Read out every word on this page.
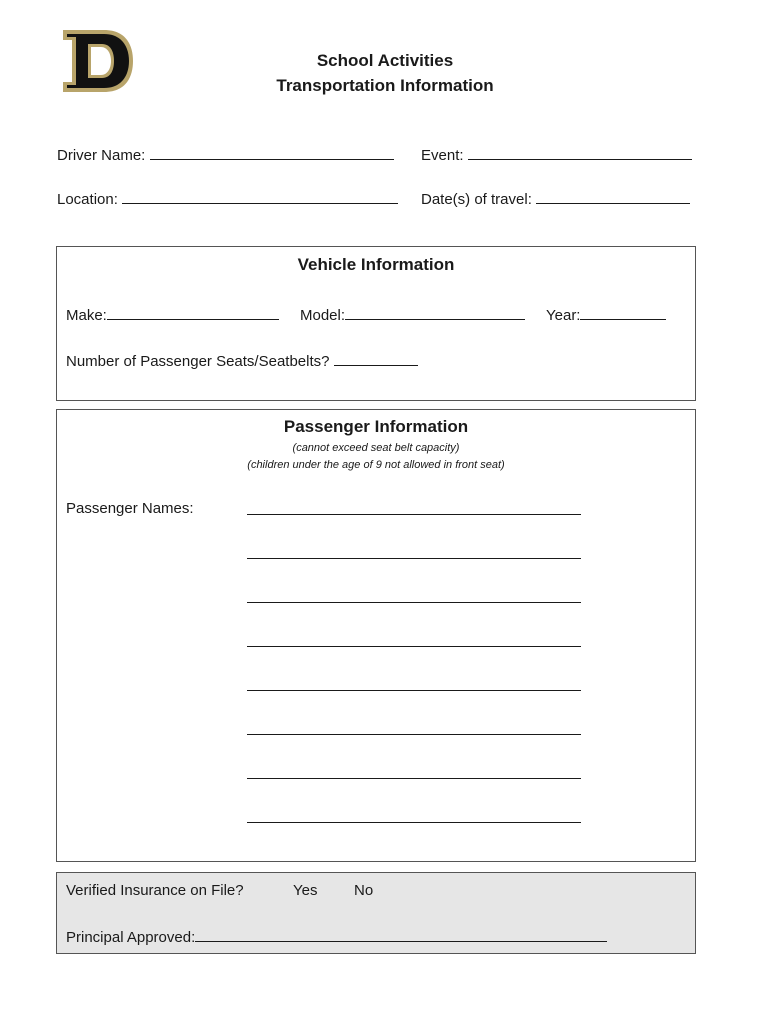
School Activities
Transportation Information
Driver Name:	Event:
Location:	Date(s) of travel:
Vehicle Information
Make:	Model:	Year:
Number of Passenger Seats/Seatbelts?
Passenger Information
(cannot exceed seat belt capacity)
(children under the age of 9 not allowed in front seat)
Passenger Names:
Verified Insurance on File?	Yes No
Principal Approved:
